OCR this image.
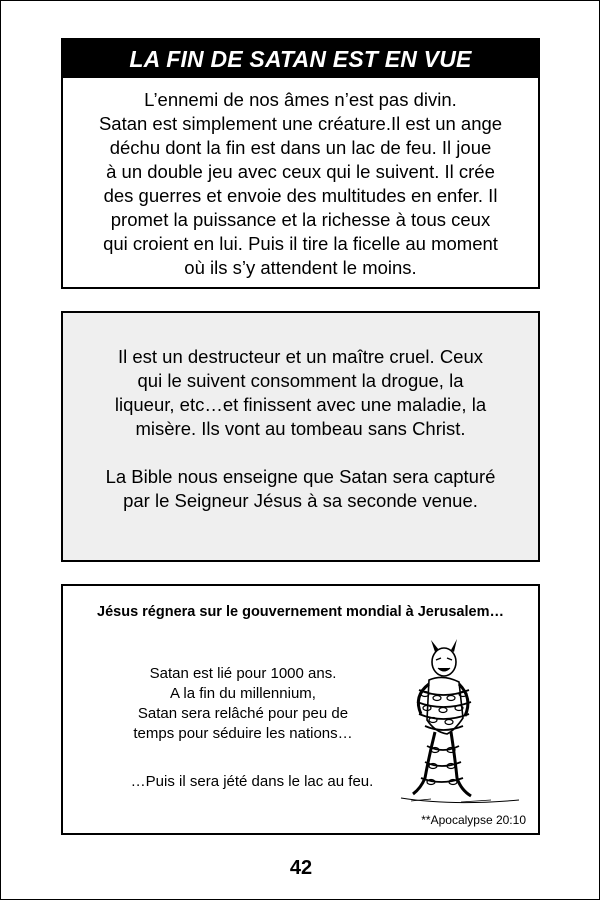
LA FIN DE SATAN EST EN VUE
L’ennemi de nos âmes n’est pas divin.
Satan est simplement une créature.Il est un ange
déchu dont la fin est dans un lac de feu. Il joue
à un double jeu avec ceux qui le suivent. Il crée
des guerres et envoie des multitudes en enfer. Il
promet la puissance et la richesse à tous ceux
qui croient en lui. Puis il tire la ficelle au moment
où ils s’y attendent le moins.
Il est un destructeur et un maître cruel. Ceux
qui le suivent consomment la drogue, la
liqueur, etc…et finissent avec une maladie, la
misère. Ils vont au tombeau sans Christ.
La Bible nous enseigne que Satan sera capturé
par le Seigneur Jésus à sa seconde venue.
Jésus régnera sur le gouvernement mondial à Jerusalem…
Satan est lié pour 1000 ans.
A la fin du millennium,
Satan sera relâché pour peu de
temps pour séduire les nations…
…Puis il sera jété dans le lac au feu.
**Apocalypse 20:10
42
